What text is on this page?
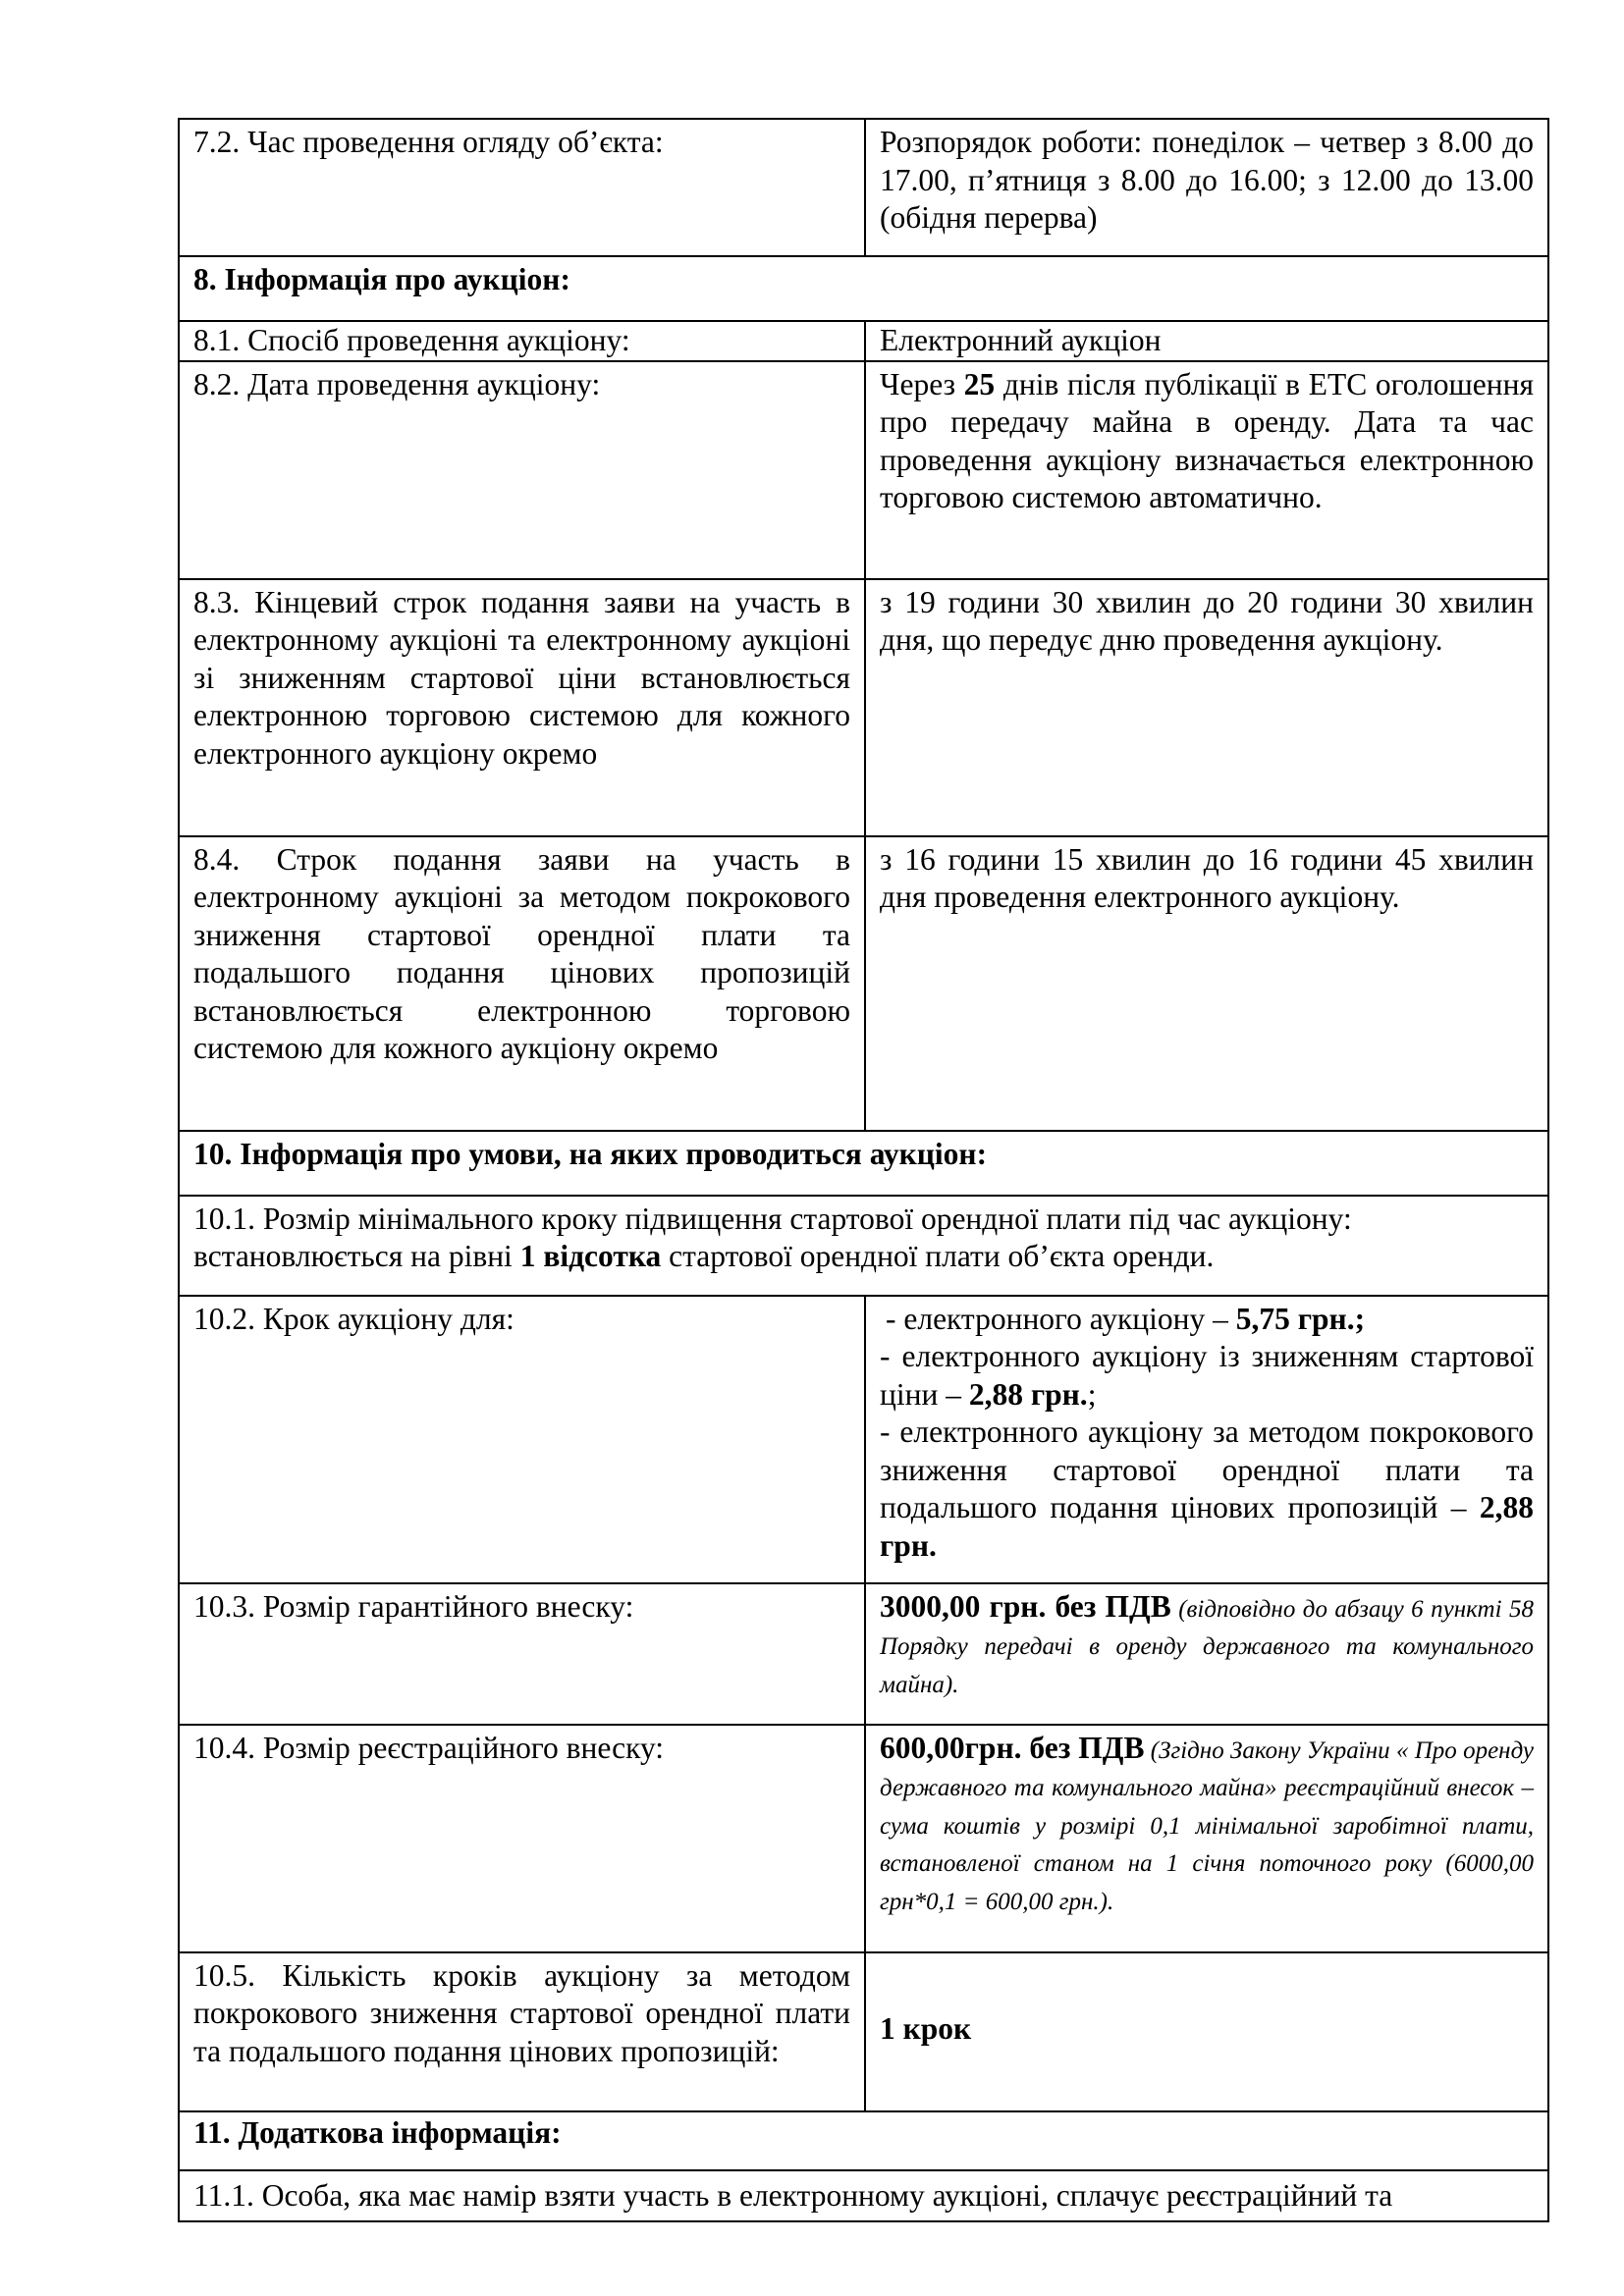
7.2. Час проведення огляду об’єкта:	Розпорядок роботи: понеділок – четвер з 8.00 до 17.00, п’ятниця з 8.00 до 16.00; з 12.00 до 13.00 (обідня перерва)
8. Інформація про аукціон:	
8.1. Спосіб проведення аукціону:	Електронний аукціон
8.2. Дата проведення аукціону:	Через 25 днів після публікації в ЕТС оголошення про передачу майна в оренду. Дата та час проведення аукціону визначається електронною торговою системою автоматично.
8.3. Кінцевий строк подання заяви на участь в електронному аукціоні та електронному аукціоні зі зниженням стартової ціни встановлюється електронною торговою системою для кожного електронного аукціону окремо	з 19 години 30 хвилин до 20 години 30 хвилин дня, що передує дню проведення аукціону.
8.4. Строк подання заяви на участь в електронному аукціоні за методом покрокового зниження стартової орендної плати та подальшого подання цінових пропозицій встановлюється електронною торговою системою для кожного аукціону окремо	з 16 години 15 хвилин до 16 години 45 хвилин дня проведення електронного аукціону.
10. Інформація про умови, на яких проводиться аукціон:	
10.1. Розмір мінімального кроку підвищення стартової орендної плати під час аукціону: встановлюється на рівні 1 відсотка стартової орендної плати об’єкта оренди.	
10.2. Крок аукціону для:	- електронного аукціону – 5,75 грн.;
- електронного аукціону із зниженням стартової ціни – 2,88 грн.;
- електронного аукціону за методом покрокового зниження стартової орендної плати та подальшого подання цінових пропозицій – 2,88 грн.

10.3. Розмір гарантійного внеску:	3000,00 грн. без ПДВ (відповідно до абзацу 6 пункті 58 Порядку передачі в оренду державного та комунального майна).
10.4. Розмір реєстраційного внеску:	600,00грн. без ПДВ (Згідно Закону України « Про оренду державного та комунального майна» реєстраційний внесок – сума коштів у розмірі 0,1 мінімальної заробітної плати, встановленої станом на 1 січня поточного року (6000,00 грн*0,1 = 600,00 грн.).
10.5. Кількість кроків аукціону за методом покрокового зниження стартової орендної плати та подальшого подання цінових пропозицій:	1 крок
11. Додаткова інформація:	
11.1. Особа, яка має намір взяти участь в електронному аукціоні, сплачує реєстраційний та	
